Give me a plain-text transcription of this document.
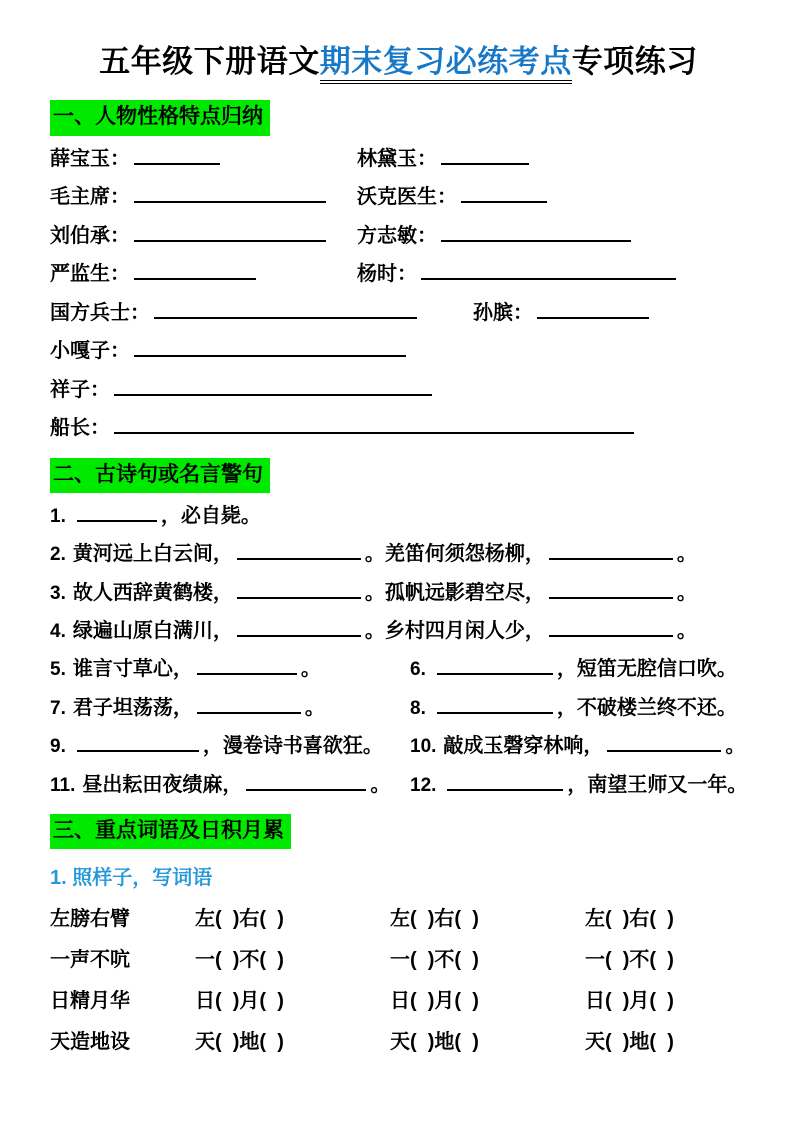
五年级下册语文期末复习必练考点专项练习
一、人物性格特点归纳
薛宝玉：	林黛玉：
毛主席：	沃克医生：
刘伯承：	方志敏：
严监生：	杨时：
国方兵士：	孙膑：
小嘎子：
祥子：
船长：
二、古诗句或名言警句
1.	，必自毙。
2. 黄河远上白云间，	。羌笛何须怨杨柳，	。
3. 故人西辞黄鹤楼，	。孤帆远影碧空尽，	。
4. 绿遍山原白满川，	。乡村四月闲人少，	。
5. 谁言寸草心，	。	6.	，短笛无腔信口吹。
7. 君子坦荡荡，	。	8.	，不破楼兰终不还。
9.	，漫卷诗书喜欲狂。 10. 敲成玉磬穿林响，	。
11. 昼出耘田夜绩麻，	。 12.	，南望王师又一年。
三、重点词语及日积月累
1. 照样子，写词语
左膀右臂	左(  )右(  )	左(  )右(  )	左(  )右(  )
一声不吭	一(  )不(  )	一(  )不(  )	一(  )不(  )
日精月华	日(  )月(  )	日(  )月(  )	日(  )月(  )
天造地设	天(  )地(  )	天(  )地(  )	天(  )地(  )
